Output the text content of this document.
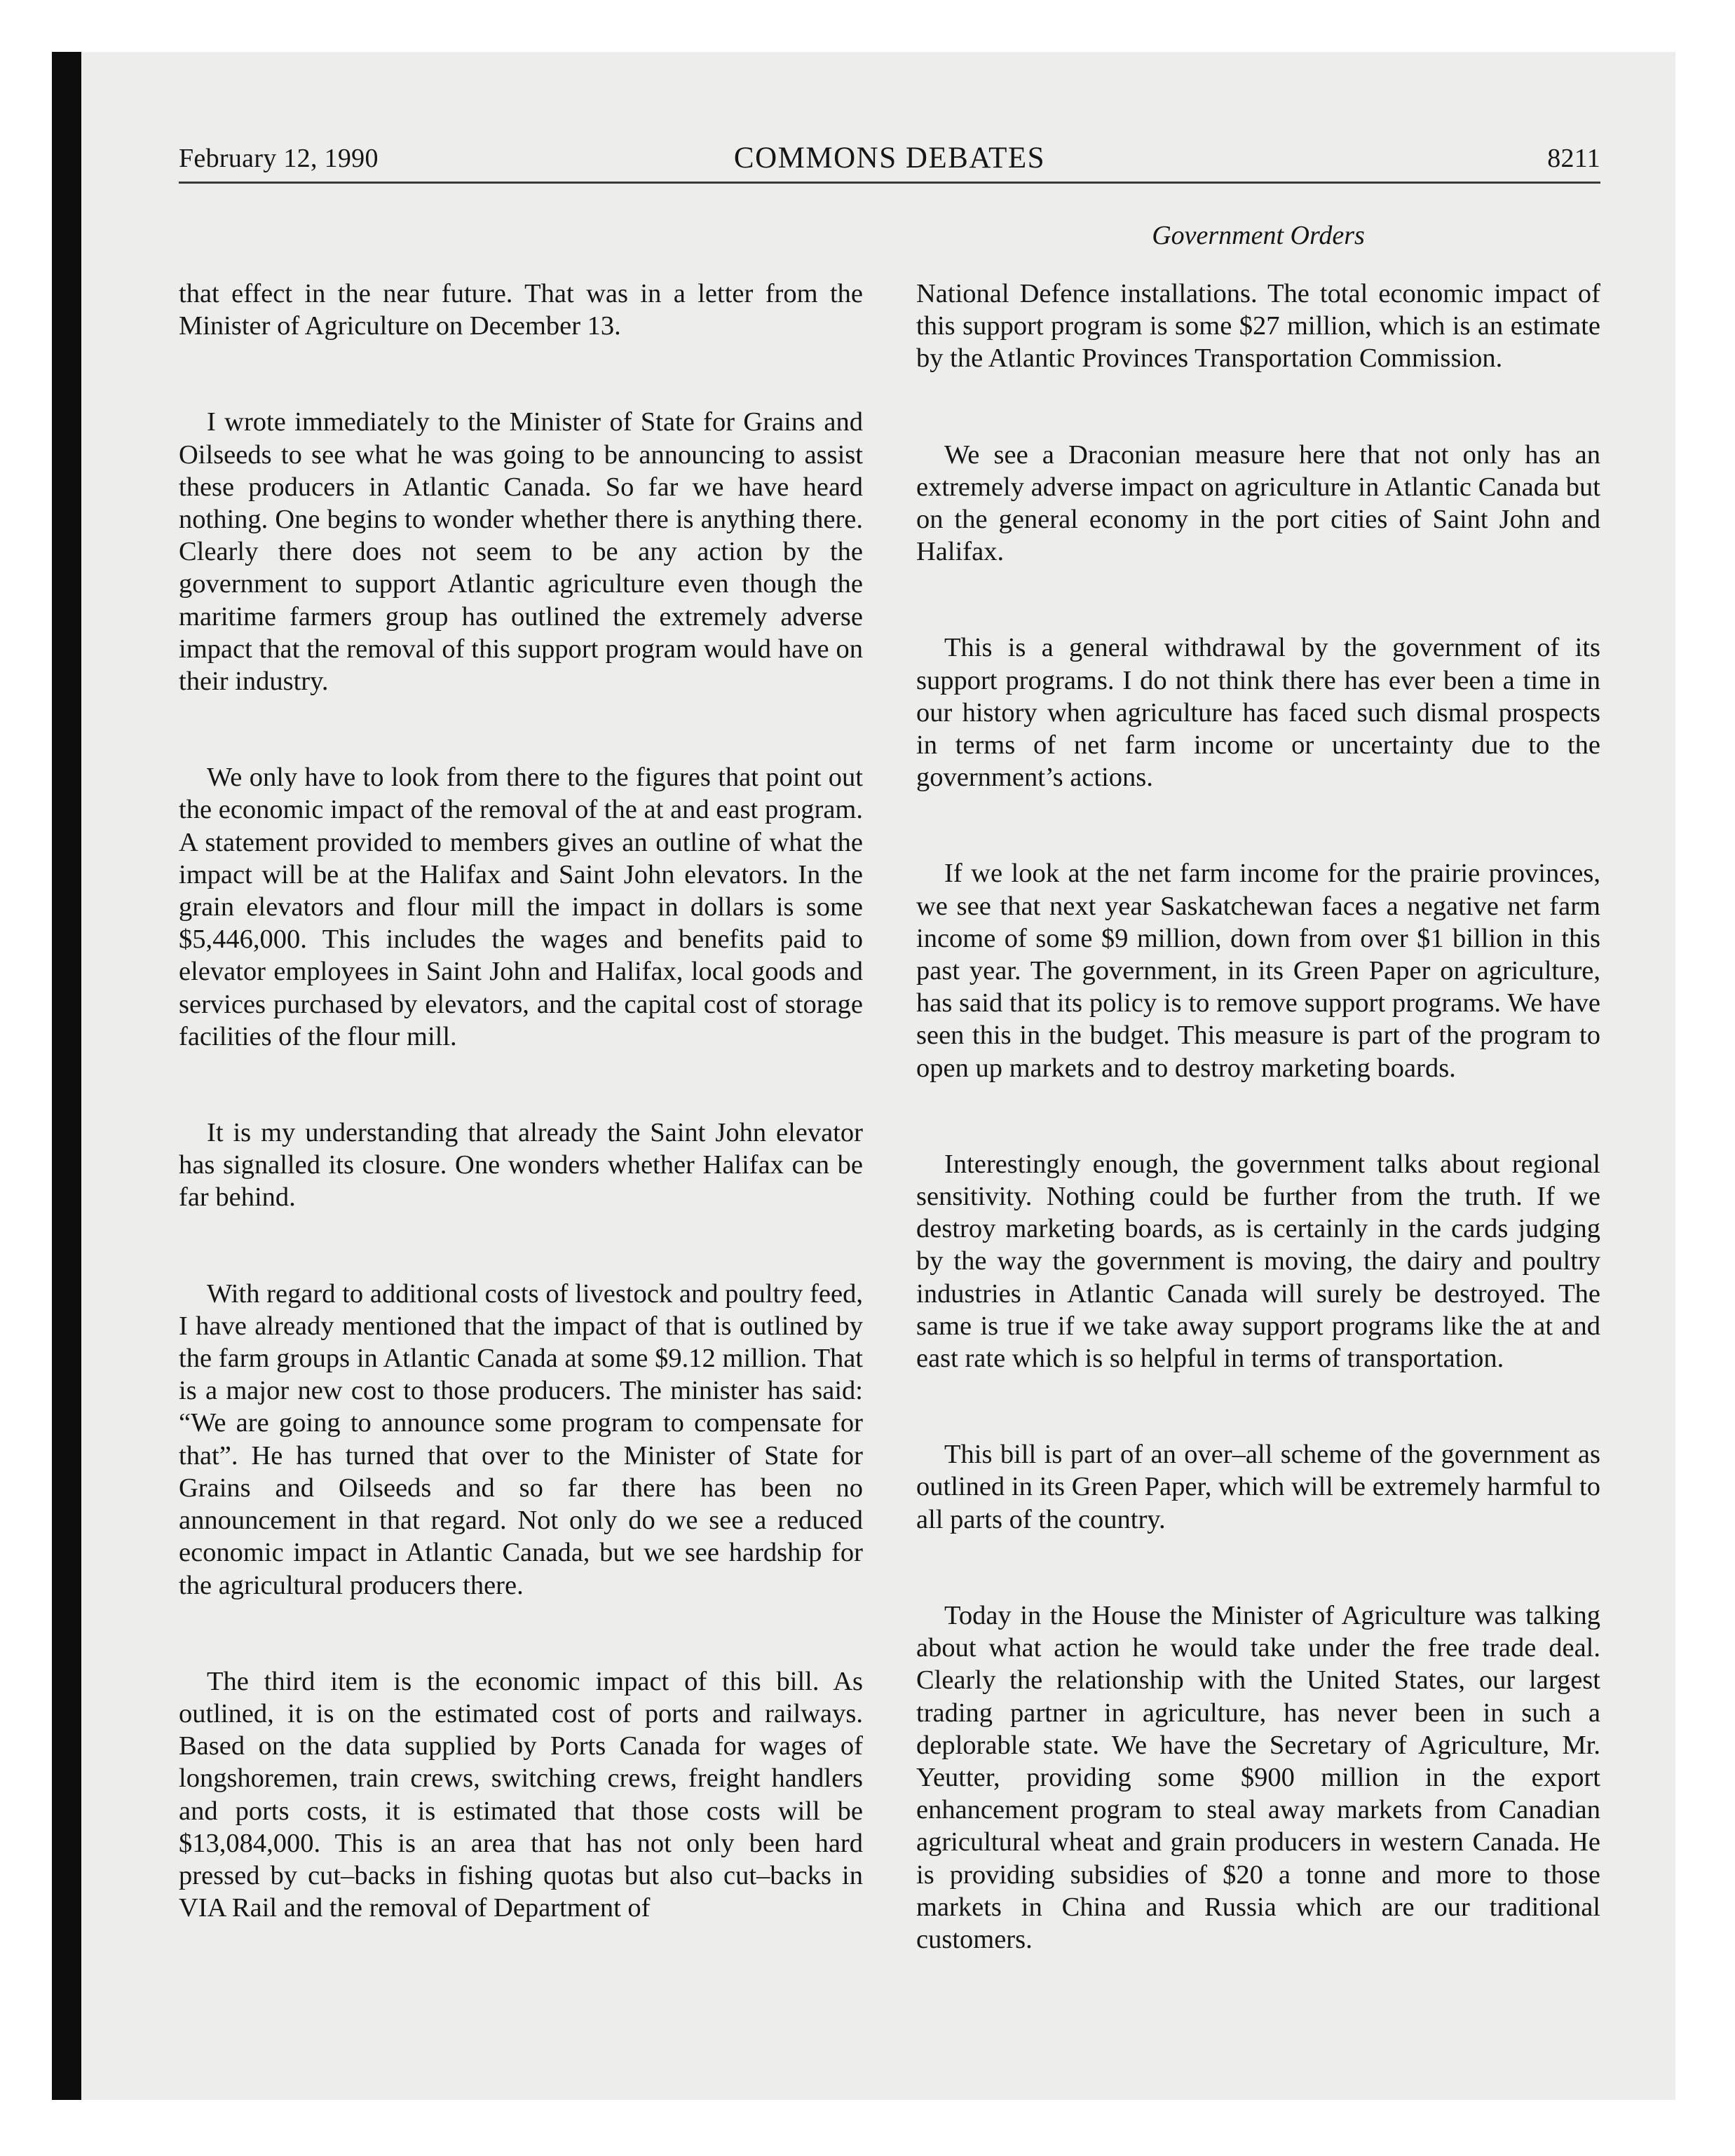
February 12, 1990	COMMONS DEBATES	8211
Government Orders

that effect in the near future. That was in a letter from the Minister of Agriculture on December 13.

I wrote immediately to the Minister of State for Grains and Oilseeds to see what he was going to be announcing to assist these producers in Atlantic Canada. So far we have heard nothing. One begins to wonder whether there is anything there. Clearly there does not seem to be any action by the government to support Atlantic agriculture even though the maritime farmers group has outlined the extremely adverse impact that the removal of this support program would have on their industry.

We only have to look from there to the figures that point out the economic impact of the removal of the at and east program. A statement provided to members gives an outline of what the impact will be at the Halifax and Saint John elevators. In the grain elevators and flour mill the impact in dollars is some $5,446,000. This includes the wages and benefits paid to elevator employees in Saint John and Halifax, local goods and services purchased by elevators, and the capital cost of storage facilities of the flour mill.

It is my understanding that already the Saint John elevator has signalled its closure. One wonders whether Halifax can be far behind.

With regard to additional costs of livestock and poultry feed, I have already mentioned that the impact of that is outlined by the farm groups in Atlantic Canada at some $9.12 million. That is a major new cost to those producers. The minister has said: “We are going to announce some program to compensate for that”. He has turned that over to the Minister of State for Grains and Oilseeds and so far there has been no announcement in that regard. Not only do we see a reduced economic impact in Atlantic Canada, but we see hardship for the agricultural producers there.

The third item is the economic impact of this bill. As outlined, it is on the estimated cost of ports and railways. Based on the data supplied by Ports Canada for wages of longshoremen, train crews, switching crews, freight handlers and ports costs, it is estimated that those costs will be $13,084,000. This is an area that has not only been hard pressed by cut–backs in fishing quotas but also cut–backs in VIA Rail and the removal of Department of

National Defence installations. The total economic impact of this support program is some $27 million, which is an estimate by the Atlantic Provinces Transportation Commission.

We see a Draconian measure here that not only has an extremely adverse impact on agriculture in Atlantic Canada but on the general economy in the port cities of Saint John and Halifax.

This is a general withdrawal by the government of its support programs. I do not think there has ever been a time in our history when agriculture has faced such dismal prospects in terms of net farm income or uncertainty due to the government’s actions.

If we look at the net farm income for the prairie provinces, we see that next year Saskatchewan faces a negative net farm income of some $9 million, down from over $1 billion in this past year. The government, in its Green Paper on agriculture, has said that its policy is to remove support programs. We have seen this in the budget. This measure is part of the program to open up markets and to destroy marketing boards.

Interestingly enough, the government talks about regional sensitivity. Nothing could be further from the truth. If we destroy marketing boards, as is certainly in the cards judging by the way the government is moving, the dairy and poultry industries in Atlantic Canada will surely be destroyed. The same is true if we take away support programs like the at and east rate which is so helpful in terms of transportation.

This bill is part of an over–all scheme of the government as outlined in its Green Paper, which will be extremely harmful to all parts of the country.

Today in the House the Minister of Agriculture was talking about what action he would take under the free trade deal. Clearly the relationship with the United States, our largest trading partner in agriculture, has never been in such a deplorable state. We have the Secretary of Agriculture, Mr. Yeutter, providing some $900 million in the export enhancement program to steal away markets from Canadian agricultural wheat and grain producers in western Canada. He is providing subsidies of $20 a tonne and more to those markets in China and Russia which are our traditional customers.
